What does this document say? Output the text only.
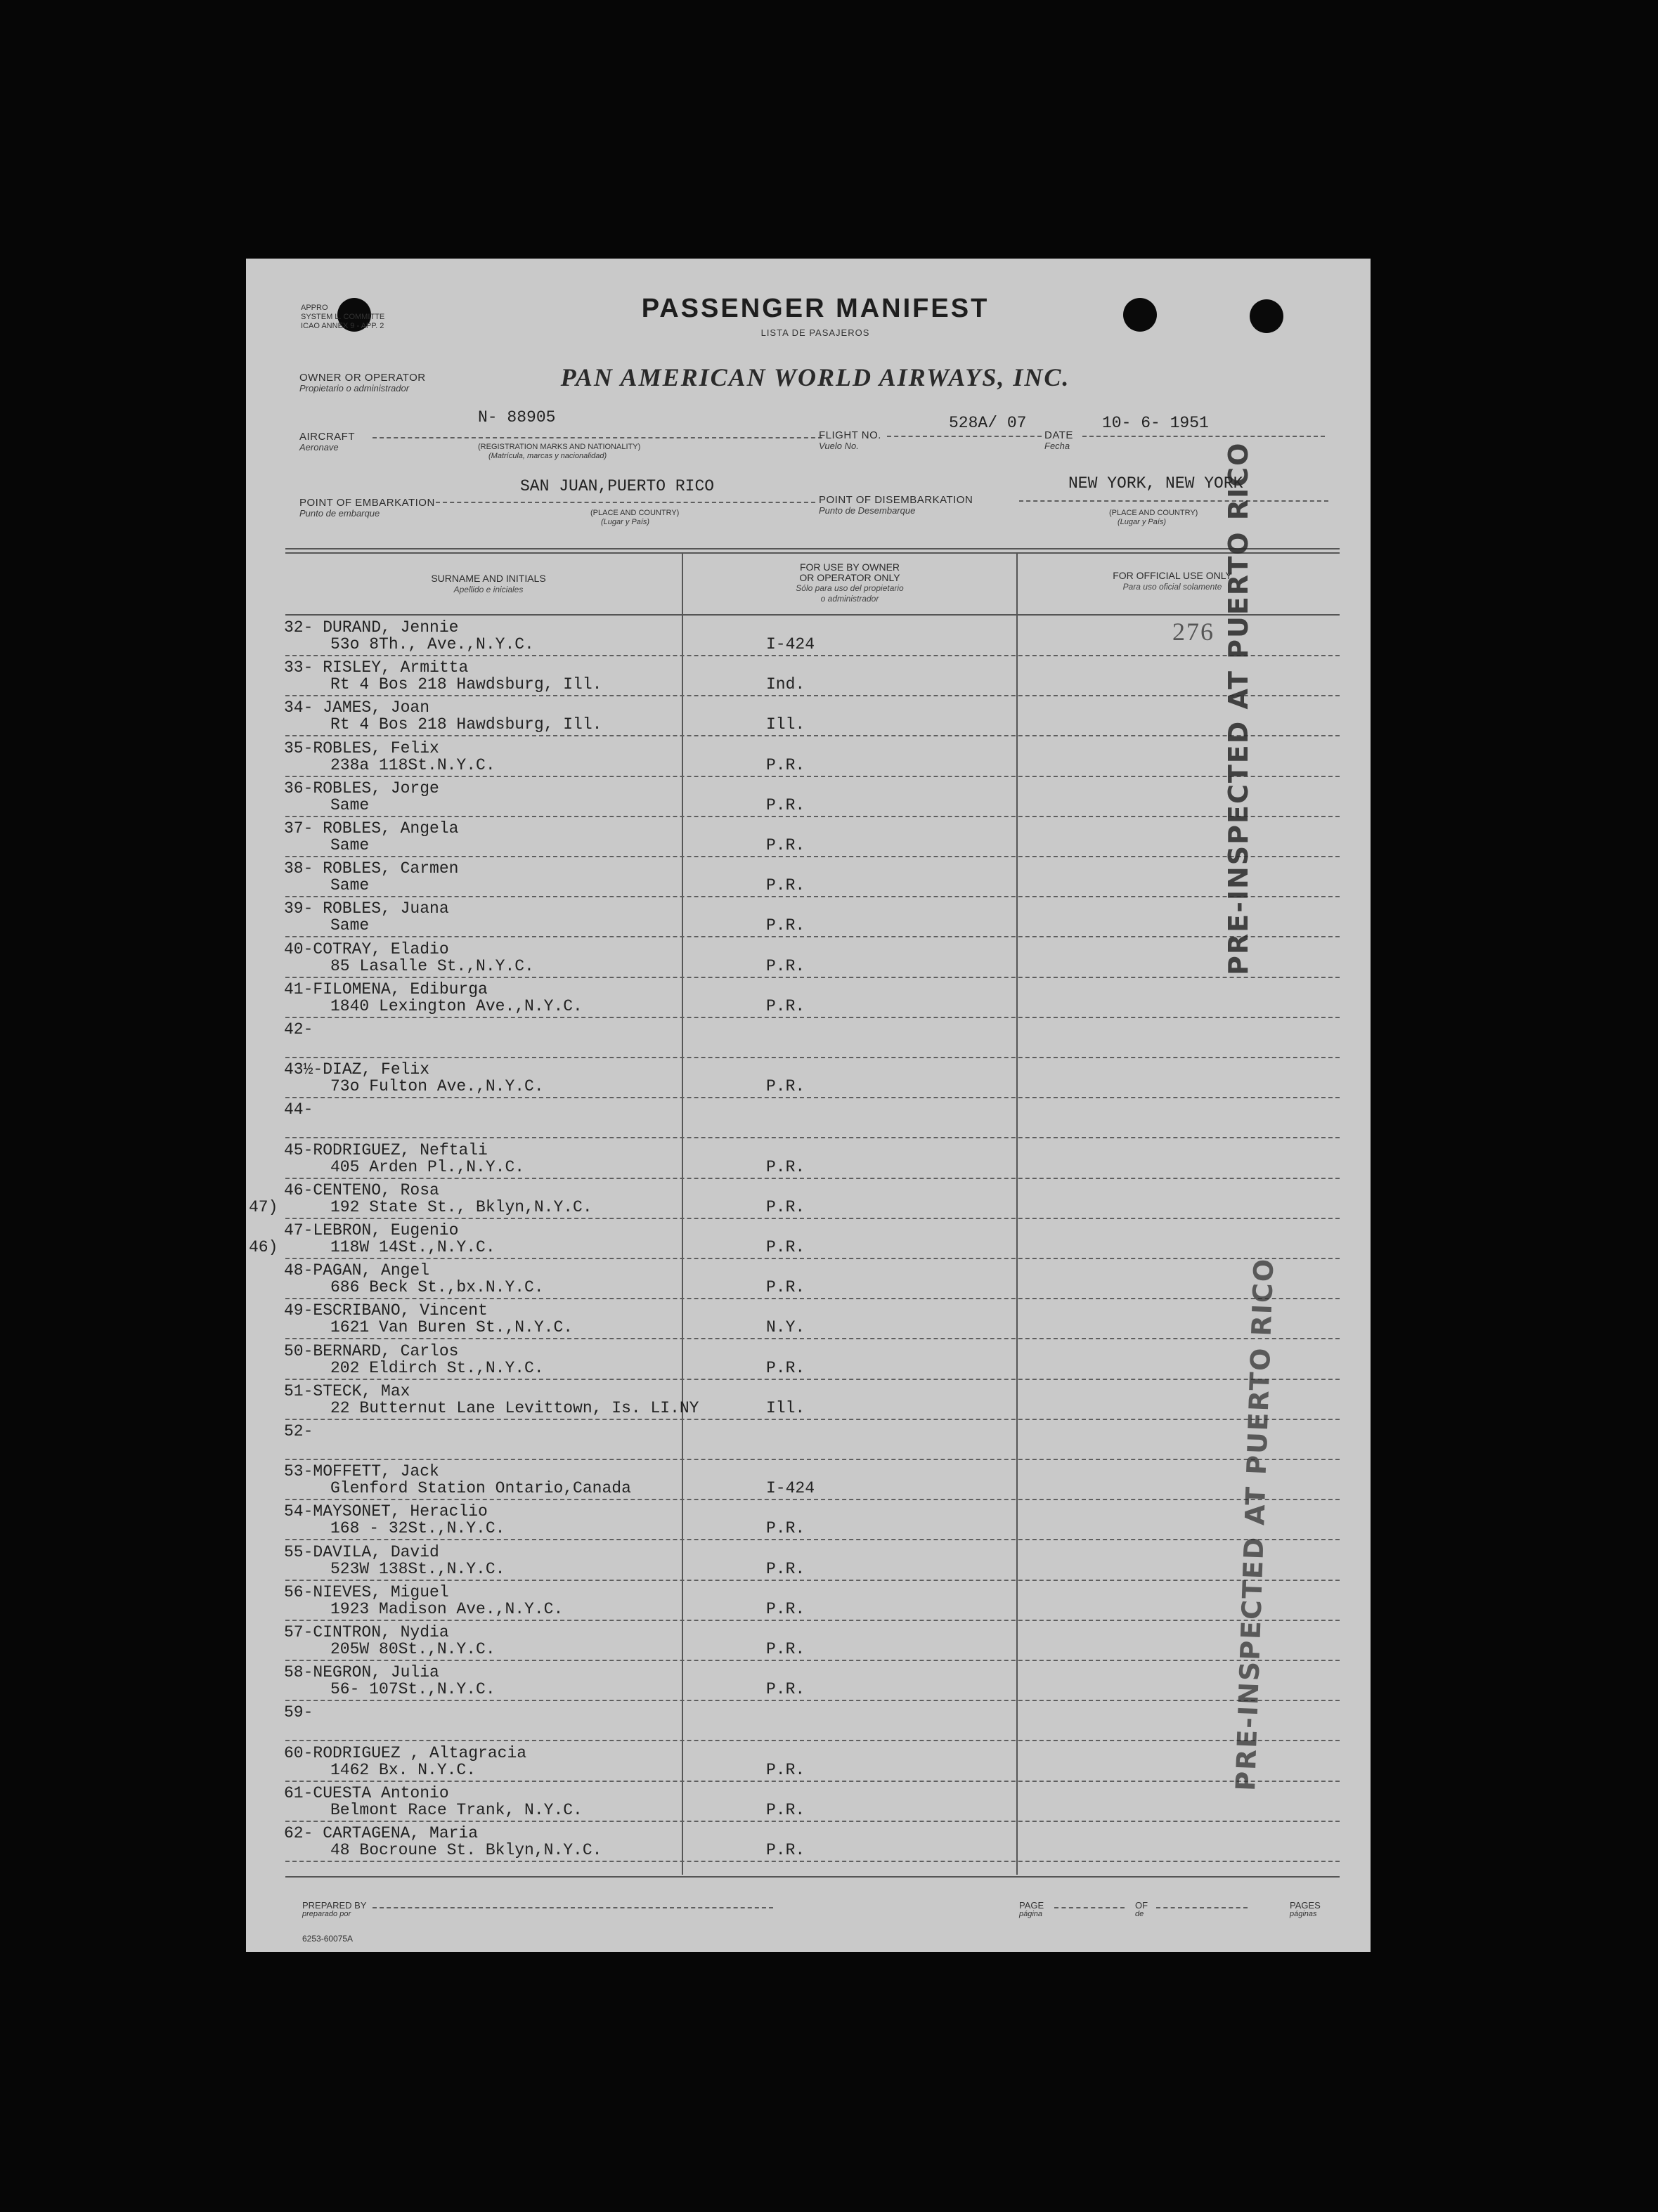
APPRO
SYSTEM L. COMMITTE
ICAO ANNEX 9 - APP. 2
PASSENGER MANIFEST
LISTA DE PASAJEROS
OWNER OR OPERATOR
Propietario o administrador	PAN AMERICAN WORLD AIRWAYS, INC.
AIRCRAFT
Aeronave
N- 88905
(REGISTRATION MARKS AND NATIONALITY)
(Matrícula, marcas y nacionalidad)
FLIGHT NO.
Vuelo No.
528A/ 07
DATE
Fecha
10- 6- 1951
POINT OF EMBARKATION
Punto de embarque
SAN JUAN,PUERTO RICO
(PLACE AND COUNTRY)
(Lugar y País)
POINT OF DISEMBARKATION
Punto de Desembarque
NEW YORK, NEW YORK
(PLACE AND COUNTRY)
(Lugar y País)
SURNAME AND INITIALS
Apellido e iniciales
FOR USE BY OWNER
OR OPERATOR ONLY
Sólo para uso del propietario
o administrador
FOR OFFICIAL USE ONLY
Para uso oficial solamente
276
32- DURAND, Jennie
53o 8Th., Ave.,N.Y.C.	I-424
33- RISLEY, Armitta
Rt 4 Bos 218 Hawdsburg, Ill.	Ind.
34- JAMES, Joan
Rt 4 Bos 218 Hawdsburg, Ill.	Ill.
35-ROBLES, Felix
238a 118St.N.Y.C.	P.R.
36-ROBLES, Jorge
Same	P.R.
37- ROBLES, Angela
Same	P.R.
38- ROBLES, Carmen
Same	P.R.
39- ROBLES, Juana
Same	P.R.
40-COTRAY, Eladio
85 Lasalle St.,N.Y.C.	P.R.
41-FILOMENA, Ediburga
1840 Lexington Ave.,N.Y.C.	P.R.
42-
43½-DIAZ, Felix
73o Fulton Ave.,N.Y.C.	P.R.
44-
45-RODRIGUEZ, Neftali
405 Arden Pl.,N.Y.C.	P.R.
46-CENTENO, Rosa
192 State St., Bklyn,N.Y.C.	P.R.
47)
47-LEBRON, Eugenio
118W 14St.,N.Y.C.	P.R.
46)
48-PAGAN, Angel
686 Beck St.,bx.N.Y.C.	P.R.
49-ESCRIBANO, Vincent
1621 Van Buren St.,N.Y.C.	N.Y.
50-BERNARD, Carlos
202 Eldirch St.,N.Y.C.	P.R.
51-STECK, Max
22 Butternut Lane Levittown, Is. LI.NY	Ill.
52-
53-MOFFETT, Jack
Glenford Station Ontario,Canada	I-424
54-MAYSONET, Heraclio
168 - 32St.,N.Y.C.	P.R.
55-DAVILA, David
523W 138St.,N.Y.C.	P.R.
56-NIEVES, Miguel
1923 Madison Ave.,N.Y.C.	P.R.
57-CINTRON, Nydia
205W 80St.,N.Y.C.	P.R.
58-NEGRON, Julia
56- 107St.,N.Y.C.	P.R.
59-
60-RODRIGUEZ , Altagracia
1462 Bx. N.Y.C.	P.R.
61-CUESTA Antonio
Belmont Race Trank, N.Y.C.	P.R.
62- CARTAGENA, Maria
48 Bocroune St. Bklyn,N.Y.C.	P.R.
PRE-INSPECTED AT PUERTO RICO
PRE-INSPECTED AT PUERTO RICO
PREPARED BY
preparado por
PAGE
página
OF
de
PAGES
páginas
6253-60075A
